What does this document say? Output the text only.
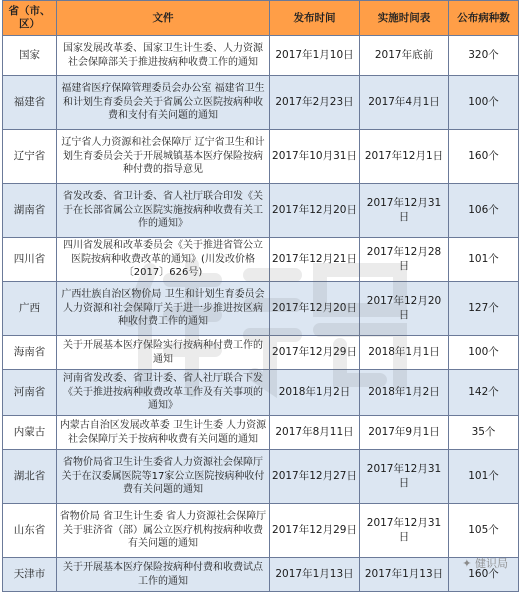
省（市、区）	文件	发布时间	实施时间表	公布病种数
国家	国家发展改革委、国家卫生计生委、人力资源社会保障部关于推进按病种收费工作的通知	2017年1月10日	2017年底前	320个
福建省	福建省医疗保障管理委员会办公室 福建省卫生和计划生育委员会关于省属公立医院按病种收费和支付有关问题的通知	2017年2月23日	2017年4月1日	100个
辽宁省	辽宁省人力资源和社会保障厅 辽宁省卫生和计划生育委员会关于开展城镇基本医疗保险按病种付费的指导意见	2017年10月31日	2017年12月1日	160个
湖南省	省发改委、省卫计委、省人社厅联合印发《关于在长部省属公立医院实施按病种收费有关工作的通知》	2017年12月20日	2017年12月31日	106个
四川省	四川省发展和改革委员会《关于推进省管公立医院按病种收费改革的通知》(川发改价格〔2017〕626号)	2017年12月21日	2017年12月28日	101个
广西	广西壮族自治区物价局 卫生和计划生育委员会 人力资源和社会保障厅关于进一步推进按区病种收付费工作的通知	2017年12月20日	2017年12月20日	127个
海南省	关于开展基本医疗保险实行按病种付费工作的通知	2017年12月29日	2018年1月1日	100个
河南省	河南省发改委、省卫计委、省人社厅联合下发《关于推进按病种收费改革工作及有关事项的通知》	2018年1月2日	2018年1月2日	142个
内蒙古	内蒙古自治区发展改革委 卫生计生委 人力资源社会保障厅关于按病种收费有关问题的通知	2017年8月11日	2017年9月1日	35个
湖北省	省物价局省卫生计生委省人力资源社会保障厅关于在汉委属医院等17家公立医院按病种收付费有关问题的通知	2017年12月27日	2017年12月31日	101个
山东省	省物价局 省卫生计生委 省人力资源社会保障厅关于驻济省（部）属公立医疗机构按病种收费有关问题的通知	2017年12月29日	2017年12月31日	105个
天津市	关于开展基本医疗保险按病种付费和收费试点工作的通知	2017年1月13日	2017年1月13日	160个
✦ 健识局
